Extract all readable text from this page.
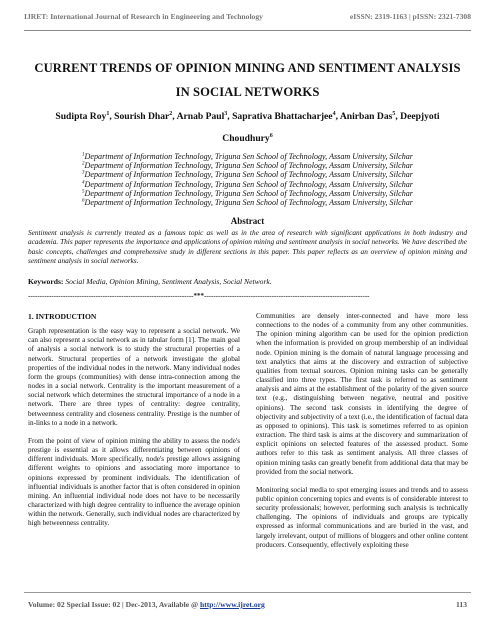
IJRET: International Journal of Research in Engineering and Technology	eISSN: 2319-1163 | pISSN: 2321-7308
CURRENT TRENDS OF OPINION MINING AND SENTIMENT ANALYSIS
IN SOCIAL NETWORKS
Sudipta Roy$^1$, Sourish Dhar$^2$, Arnab Paul$^3$, Saprativa Bhattacharjee$^4$, Anirban Das$^5$, Deepjyoti Choudhury$^6$
$^1$Department of Information Technology, Triguna Sen School of Technology, Assam University, Silchar
$^2$Department of Information Technology, Triguna Sen School of Technology, Assam University, Silchar
$^3$Department of Information Technology, Triguna Sen School of Technology, Assam University, Silchar
$^4$Department of Information Technology, Triguna Sen School of Technology, Assam University, Silchar
$^5$Department of Information Technology, Triguna Sen School of Technology, Assam University, Silchar
$^6$Department of Information Technology, Triguna Sen School of Technology, Assam University, Silchar
Abstract
Sentiment analysis is currently treated as a famous topic as well as in the area of research with significant applications in both industry and academia. This paper represents the importance and applications of opinion mining and sentiment analysis in social networks. We have described the basic concepts, challenges and comprehensive study in different sections in this paper. This paper reflects as an overview of opinion mining and sentiment analysis in social networks.
Keywords: Social Media, Opinion Mining, Sentiment Analysis, Social Network.
-----------------------------------------------------------------------***-----------------------------------------------------------------------
1. INTRODUCTION

Graph representation is the easy way to represent a social network. We can also represent a social network as in tabular form [1]. The main goal of analysis a social network is to study the structural properties of a network. Structural properties of a network investigate the global properties of the individual nodes in the network. Many individual nodes form the groups (communities) with dense intra-connection among the nodes in a social network. Centrality is the important measurement of a social network which determines the structural importance of a node in a network. There are three types of centrality: degree centrality, betweenness centrality and closeness centrality. Prestige is the number of in-links to a node in a network.

From the point of view of opinion mining the ability to assess the node's prestige is essential as it allows differentiating between opinions of different individuals. More specifically, node's prestige allows assigning different weights to opinions and associating more importance to opinions expressed by prominent individuals. The identification of influential individuals is another factor that is often considered in opinion mining. An influential individual node does not have to be necessarily characterized with high degree centrality to influence the average opinion within the network. Generally, such individual nodes are characterized by high betweenness centrality.

Communities are densely inter-connected and have more less connections to the nodes of a community from any other communities. The opinion mining algorithm can be used for the opinion prediction when the information is provided on group membership of an individual node. Opinion mining is the domain of natural language processing and text analytics that aims at the discovery and extraction of subjective qualities from textual sources. Opinion mining tasks can be generally classified into three types. The first task is referred to as sentiment analysis and aims at the establishment of the polarity of the given source text (e.g., distinguishing between negative, neutral and positive opinions). The second task consists in identifying the degree of objectivity and subjectivity of a text (i.e., the identification of factual data as opposed to opinions). This task is sometimes referred to as opinion extraction. The third task is aims at the discovery and summarization of explicit opinions on selected features of the assessed product. Some authors refer to this task as sentiment analysis. All three classes of opinion mining tasks can greatly benefit from additional data that may be provided from the social network.

Monitoring social media to spot emerging issues and trends and to assess public opinion concerning topics and events is of considerable interest to security professionals; however, performing such analysis is technically challenging. The opinions of individuals and groups are typically expressed as informal communications and are buried in the vast, and largely irrelevant, output of millions of bloggers and other online content producers. Consequently, effectively exploiting these

Volume: 02 Special Issue: 02 | Dec-2013, Available @ http://www.ijret.org	113
